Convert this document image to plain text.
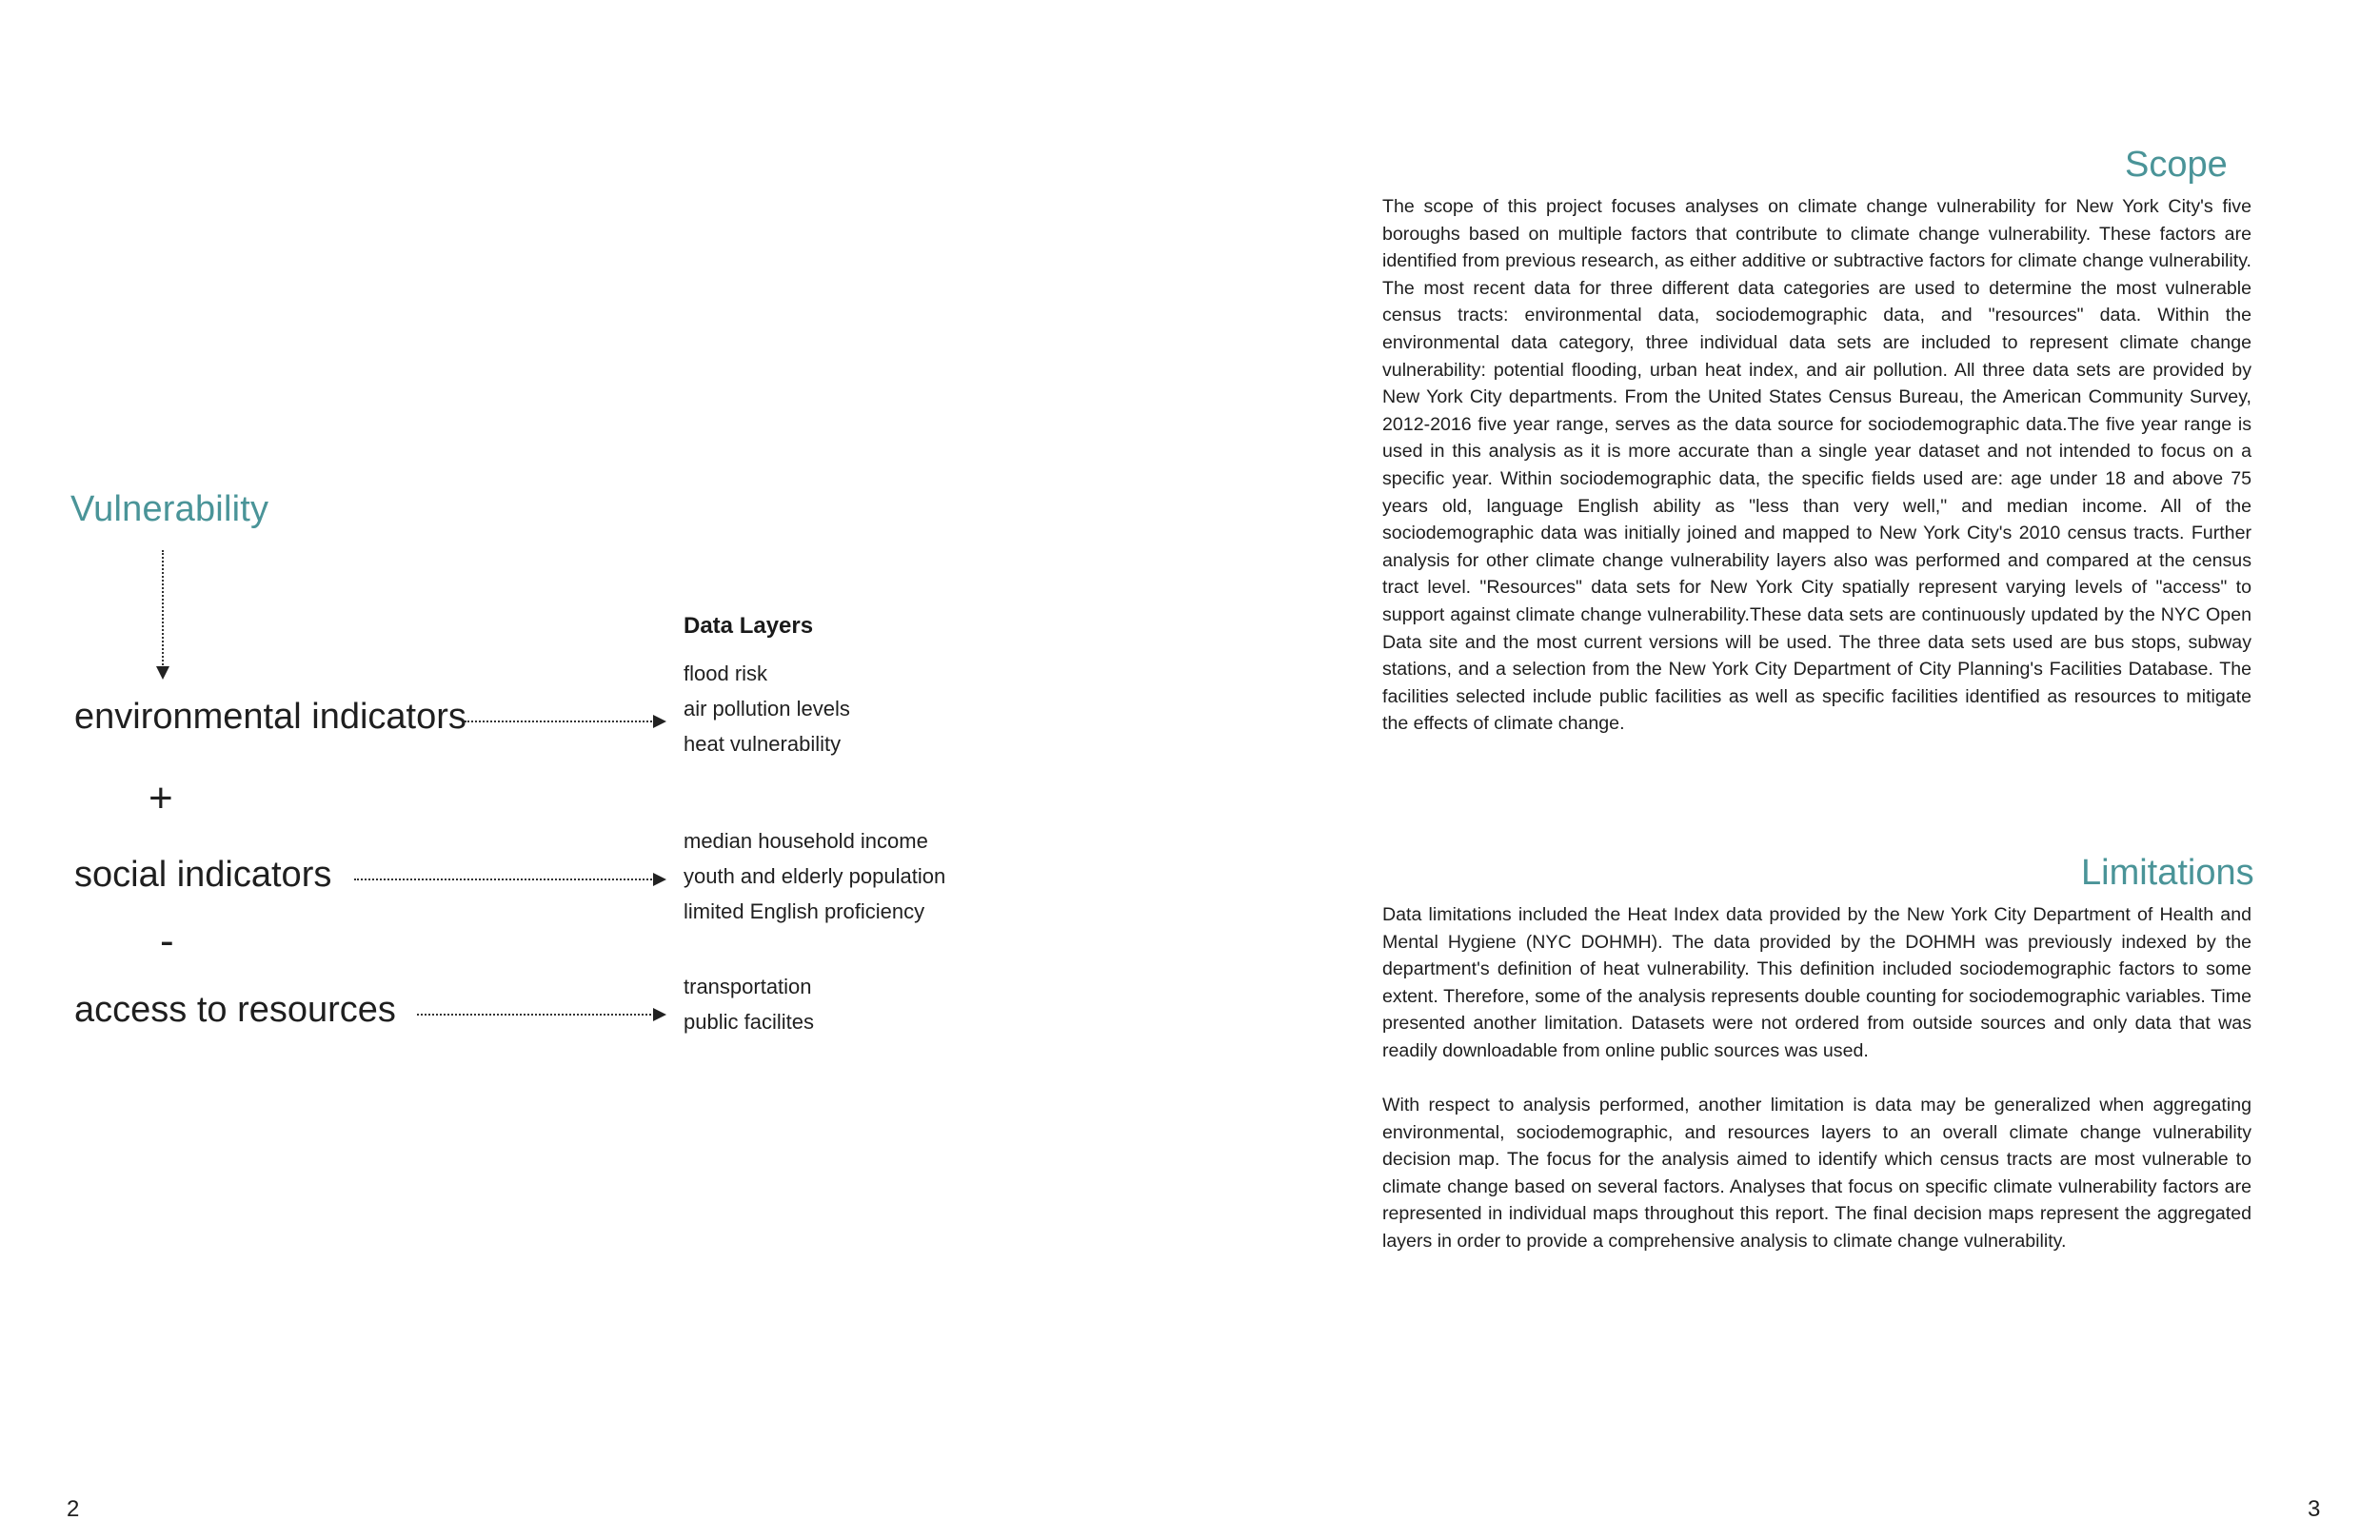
Vulnerability
environmental indicators
+
social indicators
-
access to resources
Data Layers
flood risk
air pollution levels
heat vulnerability
median household income
youth and elderly population
limited English proficiency
transportation
public facilites
2
Scope
The scope of this project focuses analyses on climate change vulnerability for New York City's five boroughs based on multiple factors that contribute to climate change vulnerability. These factors are identified from previous research, as either additive or subtractive factors for climate change vulnerability. The most recent data for three different data categories are used to determine the most vulnerable census tracts: environmental data, sociodemographic data, and "resources" data. Within the environmental data category, three individual data sets are included to represent climate change vulnerability: potential flooding, urban heat index, and air pollution. All three data sets are provided by New York City departments. From the United States Census Bureau, the American Community Survey, 2012-2016 five year range, serves as the data source for sociodemographic data.The five year range is used in this analysis as it is more accurate than a single year dataset and not intended to focus on a specific year. Within sociodemographic data, the specific fields used are: age under 18 and above 75 years old, language English ability as "less than very well," and median income. All of the sociodemographic data was initially joined and mapped to New York City's 2010 census tracts. Further analysis for other climate change vulnerability layers also was performed and compared at the census tract level. "Resources" data sets for New York City spatially represent varying levels of "access" to support against climate change vulnerability.These data sets are continuously updated by the NYC Open Data site and the most current versions will be used. The three data sets used are bus stops, subway stations, and a selection from the New York City Department of City Planning's Facilities Database. The facilities selected include public facilities as well as specific facilities identified as resources to mitigate the effects of climate change.
Limitations
Data limitations included the Heat Index data provided by the New York City Department of Health and Mental Hygiene (NYC DOHMH). The data provided by the DOHMH was previously indexed by the department's definition of heat vulnerability. This definition included sociodemographic factors to some extent. Therefore, some of the analysis represents double counting for sociodemographic variables. Time presented another limitation. Datasets were not ordered from outside sources and only data that was readily downloadable from online public sources was used.
With respect to analysis performed, another limitation is data may be generalized when aggregating environmental, sociodemographic, and resources layers to an overall climate change vulnerability decision map. The focus for the analysis aimed to identify which census tracts are most vulnerable to climate change based on several factors. Analyses that focus on specific climate vulnerability factors are represented in individual maps throughout this report. The final decision maps represent the aggregated layers in order to provide a comprehensive analysis to climate change vulnerability.
3
